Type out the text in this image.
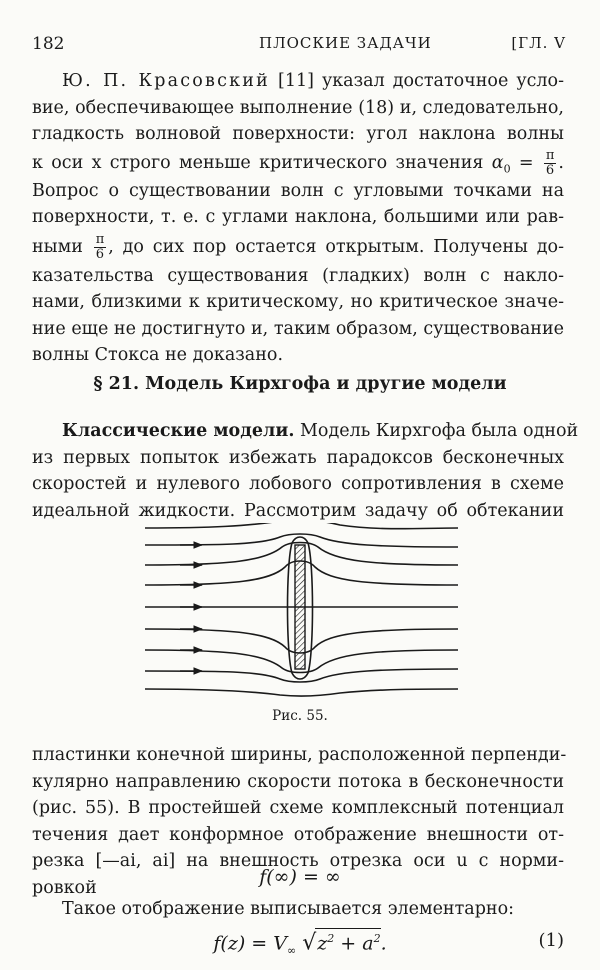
182	ПЛОСКИЕ ЗАДАЧИ	[ГЛ. V
Ю. П. Красовский [11] указал достаточное усло-
вие, обеспечивающее выполнение (18) и, следовательно,
гладкость волновой поверхности: угол наклона волны
к оси x строго меньше критического значения $\alpha_0 = \frac{\pi}{6}$ .
Вопрос о существовании волн с угловыми точками на
поверхности, т. е. с углами наклона, большими или рав-
ными $\frac{\pi}{6}$ , до сих пор остается открытым. Получены до-
казательства существования (гладких) волн с накло-
нами, близкими к критическому, но критическое значе-
ние еще не достигнуто и, таким образом, существование
волны Стокса не доказано.
§ 21. Модель Кирхгофа и другие модели
Классические модели. Модель Кирхгофа была одной
из первых попыток избежать парадоксов бесконечных
скоростей и нулевого лобового сопротивления в схеме
идеальной жидкости. Рассмотрим задачу об обтекании
Рис. 55.
пластинки конечной ширины, расположенной перпенди-
кулярно направлению скорости потока в бесконечности
(рис. 55). В простейшей схеме комплексный потенциал
течения дает конформное отображение внешности от-
резка [—ai, ai] на внешность отрезка оси u с норми-
ровкой	f(∞) = ∞
Такое отображение выписывается элементарно:
$f(z) = V_\infty$ $√z^2 + a^2$.	(1)
